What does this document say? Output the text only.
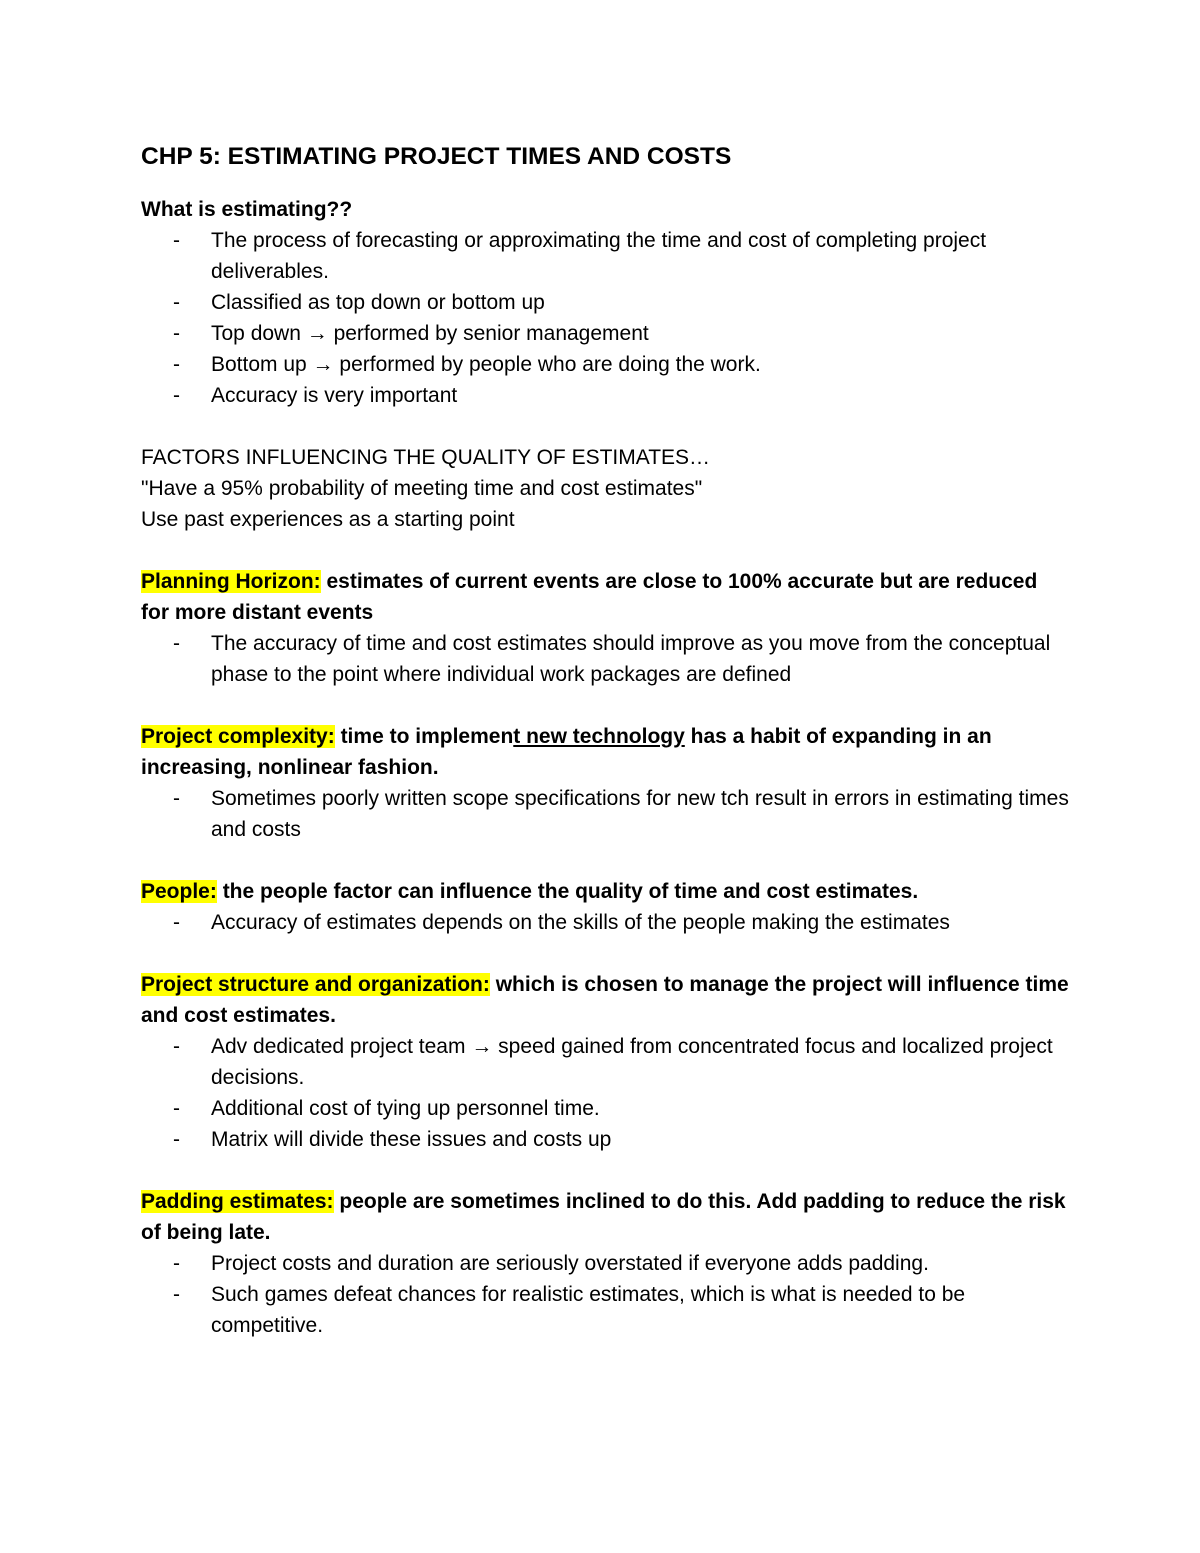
CHP 5: ESTIMATING PROJECT TIMES AND COSTS

What is estimating??

- The process of forecasting or approximating the time and cost of completing project deliverables.
- Classified as top down or bottom up
- Top down → performed by senior management
- Bottom up → performed by people who are doing the work.
- Accuracy is very important

FACTORS INFLUENCING THE QUALITY OF ESTIMATES…

"Have a 95% probability of meeting time and cost estimates"

Use past experiences as a starting point

Planning Horizon: estimates of current events are close to 100% accurate but are reduced for more distant events

- The accuracy of time and cost estimates should improve as you move from the conceptual phase to the point where individual work packages are defined

Project complexity: time to implement new technology has a habit of expanding in an increasing, nonlinear fashion.

- Sometimes poorly written scope specifications for new tch result in errors in estimating times and costs

People: the people factor can influence the quality of time and cost estimates.

- Accuracy of estimates depends on the skills of the people making the estimates

Project structure and organization: which is chosen to manage the project will influence time and cost estimates.

- Adv dedicated project team → speed gained from concentrated focus and localized project decisions.
- Additional cost of tying up personnel time.
- Matrix will divide these issues and costs up

Padding estimates: people are sometimes inclined to do this. Add padding to reduce the risk of being late.

- Project costs and duration are seriously overstated if everyone adds padding.
- Such games defeat chances for realistic estimates, which is what is needed to be competitive.
